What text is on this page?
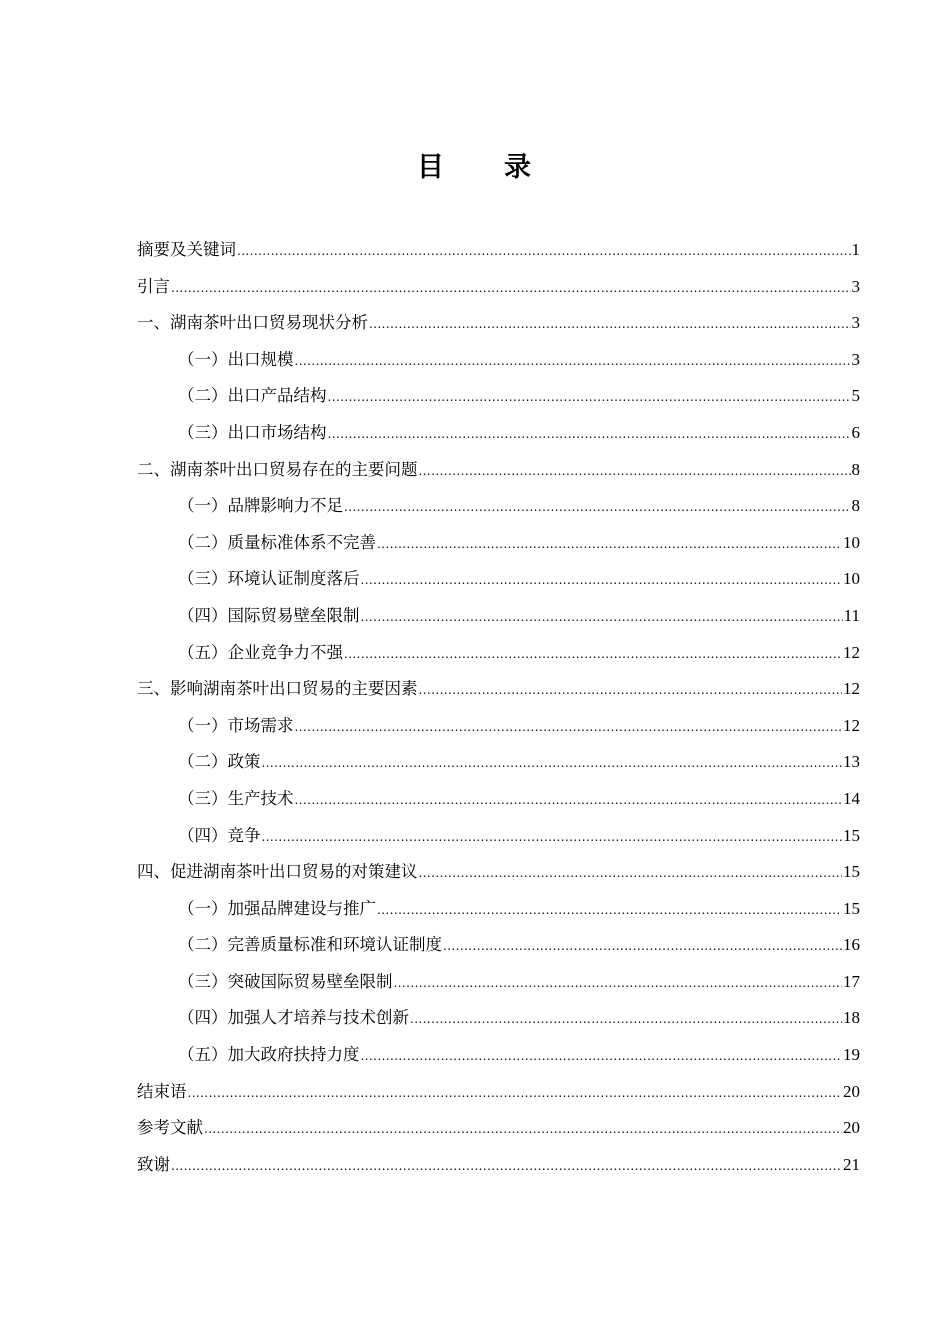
目 录
摘要及关键词 .....	1
引言 .....	3
一、 湖南茶叶出口贸易现状分析 .....	3
（一） 出口规模 .....	3
（二） 出口产品结构 .....	5
（三） 出口市场结构 .....	6
二、 湖南茶叶出口贸易存在的主要问题 .....	8
（一） 品牌影响力不足 .....	8
（二） 质量标准体系不完善 .....	10
（三） 环境认证制度落后 .....	10
（四） 国际贸易壁垒限制 .....	11
（五） 企业竞争力不强 .....	12
三、 影响湖南茶叶出口贸易的主要因素 .....	12
（一） 市场需求 .....	12
（二） 政策 .....	13
（三） 生产技术 .....	14
（四） 竞争 .....	15
四、 促进湖南茶叶出口贸易的对策建议 .....	15
（一） 加强品牌建设与推广 .....	15
（二） 完善质量标准和环境认证制度 .....	16
（三） 突破国际贸易壁垒限制 .....	17
（四） 加强人才培养与技术创新 .....	18
（五） 加大政府扶持力度 .....	19
结束语 .....	20
参考文献 .....	20
致谢 .....	21
